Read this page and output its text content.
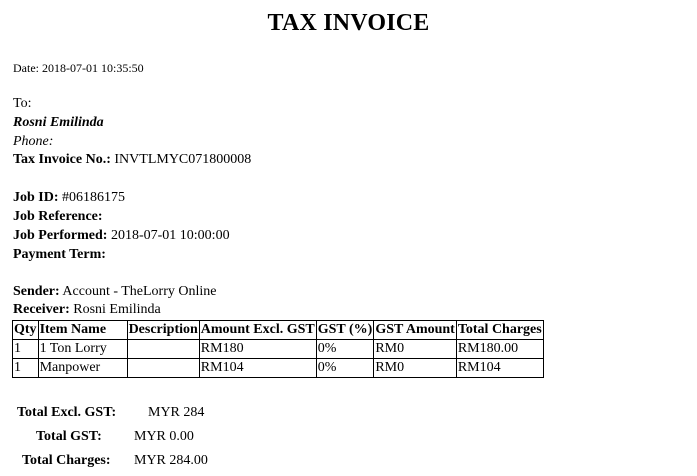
TAX INVOICE
Date: 2018-07-01 10:35:50
To:
Rosni Emilinda
Phone:
Tax Invoice No.: INVTLMYC071800008
Job ID: #06186175
Job Reference:
Job Performed: 2018-07-01 10:00:00
Payment Term:
Sender: Account - TheLorry Online
Receiver: Rosni Emilinda
Qty	Item Name	Description	Amount Excl. GST	GST (%)	GST Amount	Total Charges
1	1 Ton Lorry		RM180	0%	RM0	RM180.00
1	Manpower		RM104	0%	RM0	RM104
Total Excl. GST:	MYR 284
Total GST:	MYR 0.00
Total Charges:	MYR 284.00
